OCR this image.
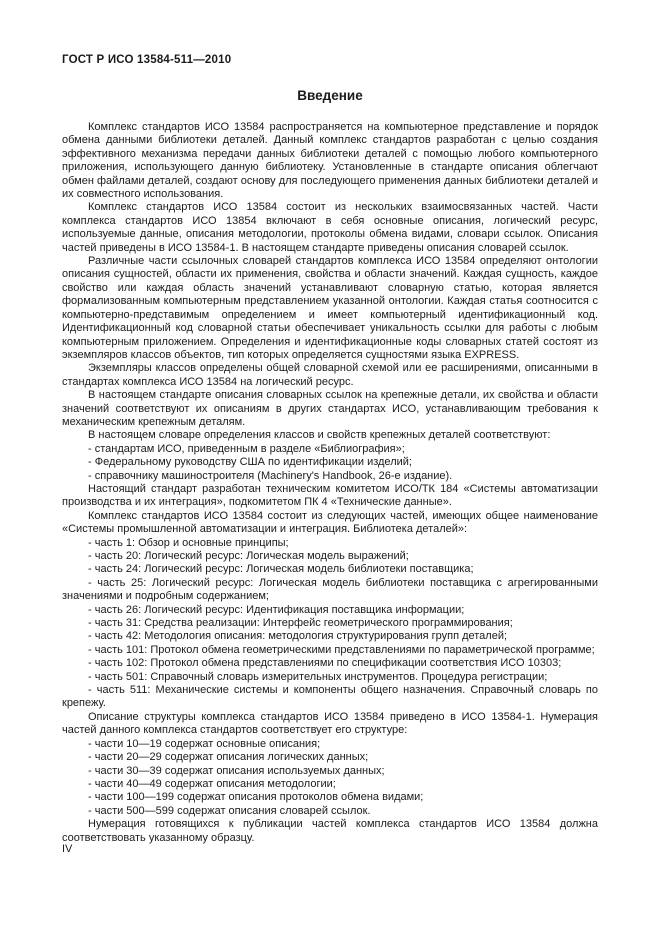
ГОСТ Р ИСО 13584-511—2010
Введение

Комплекс стандартов ИСО 13584 распространяется на компьютерное представление и порядок обмена данными библиотеки деталей. Данный комплекс стандартов разработан с целью создания эффективного механизма передачи данных библиотеки деталей с помощью любого компьютерного приложения, использующего данную библиотеку. Установленные в стандарте описания облегчают обмен файлами деталей, создают основу для последующего применения данных библиотеки деталей и их совместного использования.

Комплекс стандартов ИСО 13584 состоит из нескольких взаимосвязанных частей. Части комплекса стандартов ИСО 13854 включают в себя основные описания, логический ресурс, используемые данные, описания методологии, протоколы обмена видами, словари ссылок. Описания частей приведены в ИСО 13584-1. В настоящем стандарте приведены описания словарей ссылок.

Различные части ссылочных словарей стандартов комплекса ИСО 13584 определяют онтологии описания сущностей, области их применения, свойства и области значений. Каждая сущность, каждое свойство или каждая область значений устанавливают словарную статью, которая является формализованным компьютерным представлением указанной онтологии. Каждая статья соотносится с компьютерно-представимым определением и имеет компьютерный идентификационный код. Идентификационный код словарной статьи обеспечивает уникальность ссылки для работы с любым компьютерным приложением. Определения и идентификационные коды словарных статей состоят из экземпляров классов объектов, тип которых определяется сущностями языка EXPRESS.

Экземпляры классов определены общей словарной схемой или ее расширениями, описанными в стандартах комплекса ИСО 13584 на логический ресурс.

В настоящем стандарте описания словарных ссылок на крепежные детали, их свойства и области значений соответствуют их описаниям в других стандартах ИСО, устанавливающим требования к механическим крепежным деталям.

В настоящем словаре определения классов и свойств крепежных деталей соответствуют:

- стандартам ИСО, приведенным в разделе «Библиография»;

- Федеральному руководству США по идентификации изделий;

- справочнику машиностроителя (Machinery's Handbook, 26-е издание).

Настоящий стандарт разработан техническим комитетом ИСО/ТК 184 «Системы автоматизации производства и их интеграция», подкомитетом ПК 4 «Технические данные».

Комплекс стандартов ИСО 13584 состоит из следующих частей, имеющих общее наименование «Системы промышленной автоматизации и интеграция. Библиотека деталей»:

- часть 1: Обзор и основные принципы;

- часть 20: Логический ресурс: Логическая модель выражений;

- часть 24: Логический ресурс: Логическая модель библиотеки поставщика;

- часть 25: Логический ресурс: Логическая модель библиотеки поставщика с агрегированными значениями и подробным содержанием;

- часть 26: Логический ресурс: Идентификация поставщика информации;

- часть 31: Средства реализации: Интерфейс геометрического программирования;

- часть 42: Методология описания: методология структурирования групп деталей;

- часть 101: Протокол обмена геометрическими представлениями по параметрической программе;

- часть 102: Протокол обмена представлениями по спецификации соответствия ИСО 10303;

- часть 501: Справочный словарь измерительных инструментов. Процедура регистрации;

- часть 511: Механические системы и компоненты общего назначения. Справочный словарь по крепежу.

Описание структуры комплекса стандартов ИСО 13584 приведено в ИСО 13584-1. Нумерация частей данного комплекса стандартов соответствует его структуре:

- части 10—19 содержат основные описания;

- части 20—29 содержат описания логических данных;

- части 30—39 содержат описания используемых данных;

- части 40—49 содержат описания методологии;

- части 100—199 содержат описания протоколов обмена видами;

- части 500—599 содержат описания словарей ссылок.

Нумерация готовящихся к публикации частей комплекса стандартов ИСО 13584 должна соответствовать указанному образцу.

IV
